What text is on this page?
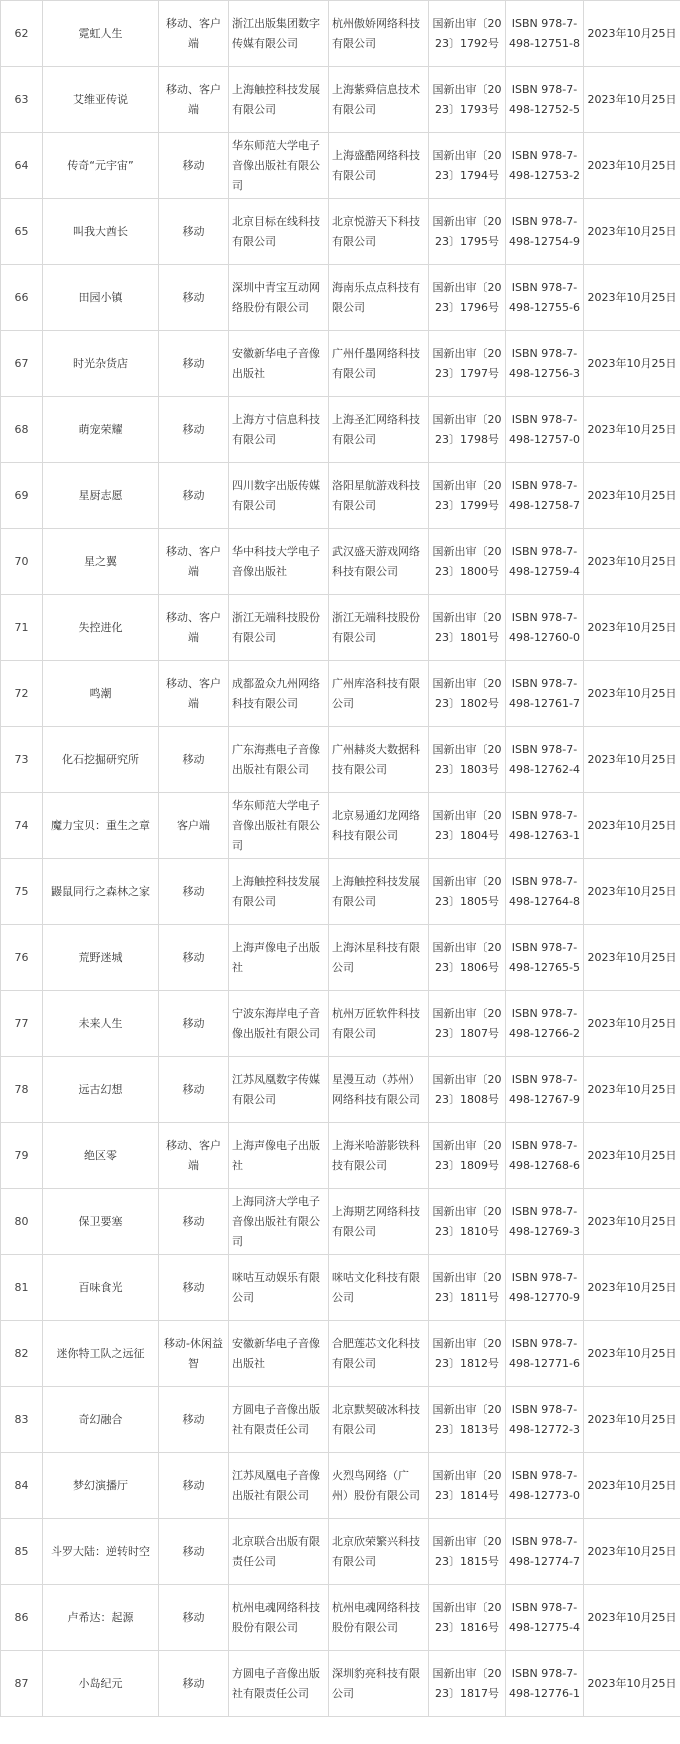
62	霓虹人生	移动、客户端	浙江出版集团数字传媒有限公司	杭州傲娇网络科技有限公司	国新出审〔2023〕1792号	ISBN 978-7-498-12751-8	2023年10月25日
63	艾维亚传说	移动、客户端	上海触控科技发展有限公司	上海紫舜信息技术有限公司	国新出审〔2023〕1793号	ISBN 978-7-498-12752-5	2023年10月25日
64	传奇“元宇宙”	移动	华东师范大学电子音像出版社有限公司	上海盛酷网络科技有限公司	国新出审〔2023〕1794号	ISBN 978-7-498-12753-2	2023年10月25日
65	叫我大酋长	移动	北京目标在线科技有限公司	北京悦游天下科技有限公司	国新出审〔2023〕1795号	ISBN 978-7-498-12754-9	2023年10月25日
66	田园小镇	移动	深圳中青宝互动网络股份有限公司	海南乐点点科技有限公司	国新出审〔2023〕1796号	ISBN 978-7-498-12755-6	2023年10月25日
67	时光杂货店	移动	安徽新华电子音像出版社	广州仟墨网络科技有限公司	国新出审〔2023〕1797号	ISBN 978-7-498-12756-3	2023年10月25日
68	萌宠荣耀	移动	上海方寸信息科技有限公司	上海圣汇网络科技有限公司	国新出审〔2023〕1798号	ISBN 978-7-498-12757-0	2023年10月25日
69	星厨志愿	移动	四川数字出版传媒有限公司	洛阳星航游戏科技有限公司	国新出审〔2023〕1799号	ISBN 978-7-498-12758-7	2023年10月25日
70	星之翼	移动、客户端	华中科技大学电子音像出版社	武汉盛天游戏网络科技有限公司	国新出审〔2023〕1800号	ISBN 978-7-498-12759-4	2023年10月25日
71	失控进化	移动、客户端	浙江无端科技股份有限公司	浙江无端科技股份有限公司	国新出审〔2023〕1801号	ISBN 978-7-498-12760-0	2023年10月25日
72	鸣潮	移动、客户端	成都盈众九州网络科技有限公司	广州库洛科技有限公司	国新出审〔2023〕1802号	ISBN 978-7-498-12761-7	2023年10月25日
73	化石挖掘研究所	移动	广东海燕电子音像出版社有限公司	广州赫炎大数据科技有限公司	国新出审〔2023〕1803号	ISBN 978-7-498-12762-4	2023年10月25日
74	魔力宝贝：重生之章	客户端	华东师范大学电子音像出版社有限公司	北京易通幻龙网络科技有限公司	国新出审〔2023〕1804号	ISBN 978-7-498-12763-1	2023年10月25日
75	鼹鼠同行之森林之家	移动	上海触控科技发展有限公司	上海触控科技发展有限公司	国新出审〔2023〕1805号	ISBN 978-7-498-12764-8	2023年10月25日
76	荒野迷城	移动	上海声像电子出版社	上海沐星科技有限公司	国新出审〔2023〕1806号	ISBN 978-7-498-12765-5	2023年10月25日
77	未来人生	移动	宁波东海岸电子音像出版社有限公司	杭州万匠软件科技有限公司	国新出审〔2023〕1807号	ISBN 978-7-498-12766-2	2023年10月25日
78	远古幻想	移动	江苏凤凰数字传媒有限公司	星漫互动（苏州）网络科技有限公司	国新出审〔2023〕1808号	ISBN 978-7-498-12767-9	2023年10月25日
79	绝区零	移动、客户端	上海声像电子出版社	上海米哈游影铁科技有限公司	国新出审〔2023〕1809号	ISBN 978-7-498-12768-6	2023年10月25日
80	保卫要塞	移动	上海同济大学电子音像出版社有限公司	上海期艺网络科技有限公司	国新出审〔2023〕1810号	ISBN 978-7-498-12769-3	2023年10月25日
81	百味食光	移动	咪咕互动娱乐有限公司	咪咕文化科技有限公司	国新出审〔2023〕1811号	ISBN 978-7-498-12770-9	2023年10月25日
82	迷你特工队之远征	移动-休闲益智	安徽新华电子音像出版社	合肥莲芯文化科技有限公司	国新出审〔2023〕1812号	ISBN 978-7-498-12771-6	2023年10月25日
83	奇幻融合	移动	方圆电子音像出版社有限责任公司	北京默契破冰科技有限公司	国新出审〔2023〕1813号	ISBN 978-7-498-12772-3	2023年10月25日
84	梦幻演播厅	移动	江苏凤凰电子音像出版社有限公司	火烈鸟网络（广州）股份有限公司	国新出审〔2023〕1814号	ISBN 978-7-498-12773-0	2023年10月25日
85	斗罗大陆：逆转时空	移动	北京联合出版有限责任公司	北京欣荣繁兴科技有限公司	国新出审〔2023〕1815号	ISBN 978-7-498-12774-7	2023年10月25日
86	卢希达：起源	移动	杭州电魂网络科技股份有限公司	杭州电魂网络科技股份有限公司	国新出审〔2023〕1816号	ISBN 978-7-498-12775-4	2023年10月25日
87	小岛纪元	移动	方圆电子音像出版社有限责任公司	深圳豹亮科技有限公司	国新出审〔2023〕1817号	ISBN 978-7-498-12776-1	2023年10月25日
